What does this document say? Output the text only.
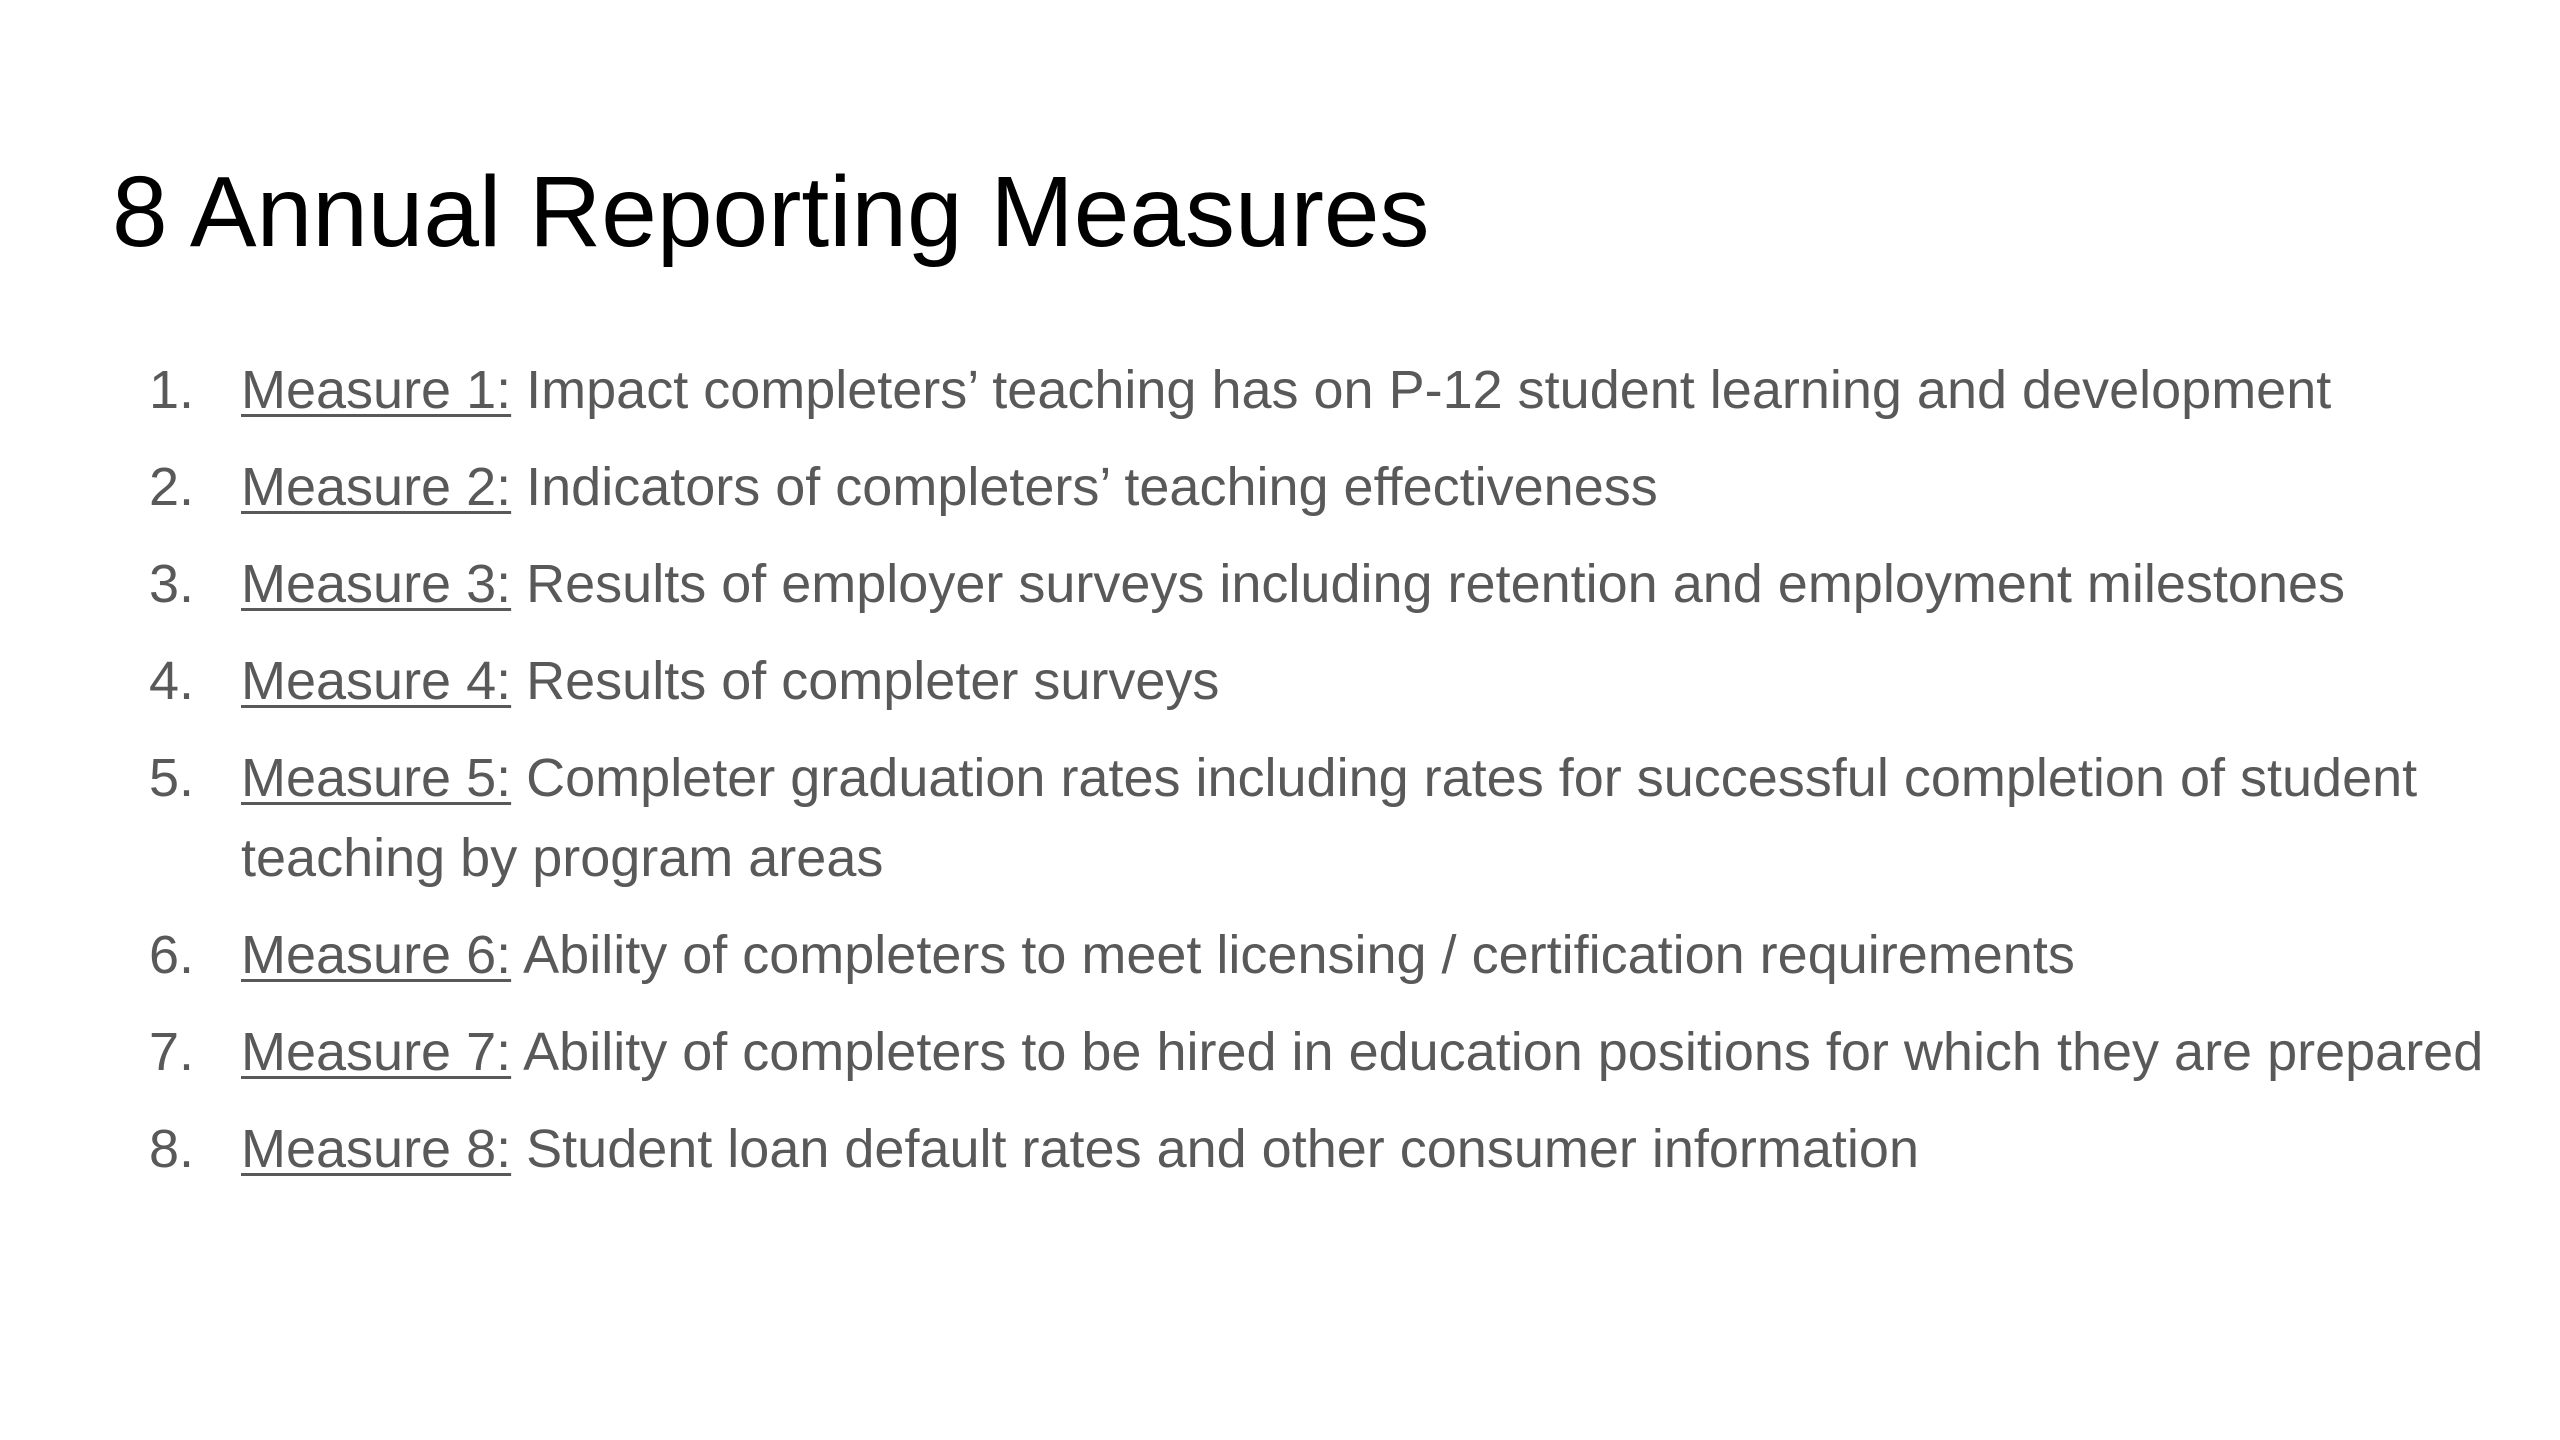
8 Annual Reporting Measures
1. Measure 1: Impact completers’ teaching has on P-12 student learning and development
2. Measure 2: Indicators of completers’ teaching effectiveness
3. Measure 3: Results of employer surveys including retention and employment milestones
4. Measure 4: Results of completer surveys
5. Measure 5: Completer graduation rates including rates for successful completion of student teaching by program areas
6. Measure 6: Ability of completers to meet licensing / certification requirements
7. Measure 7: Ability of completers to be hired in education positions for which they are prepared
8. Measure 8: Student loan default rates and other consumer information
